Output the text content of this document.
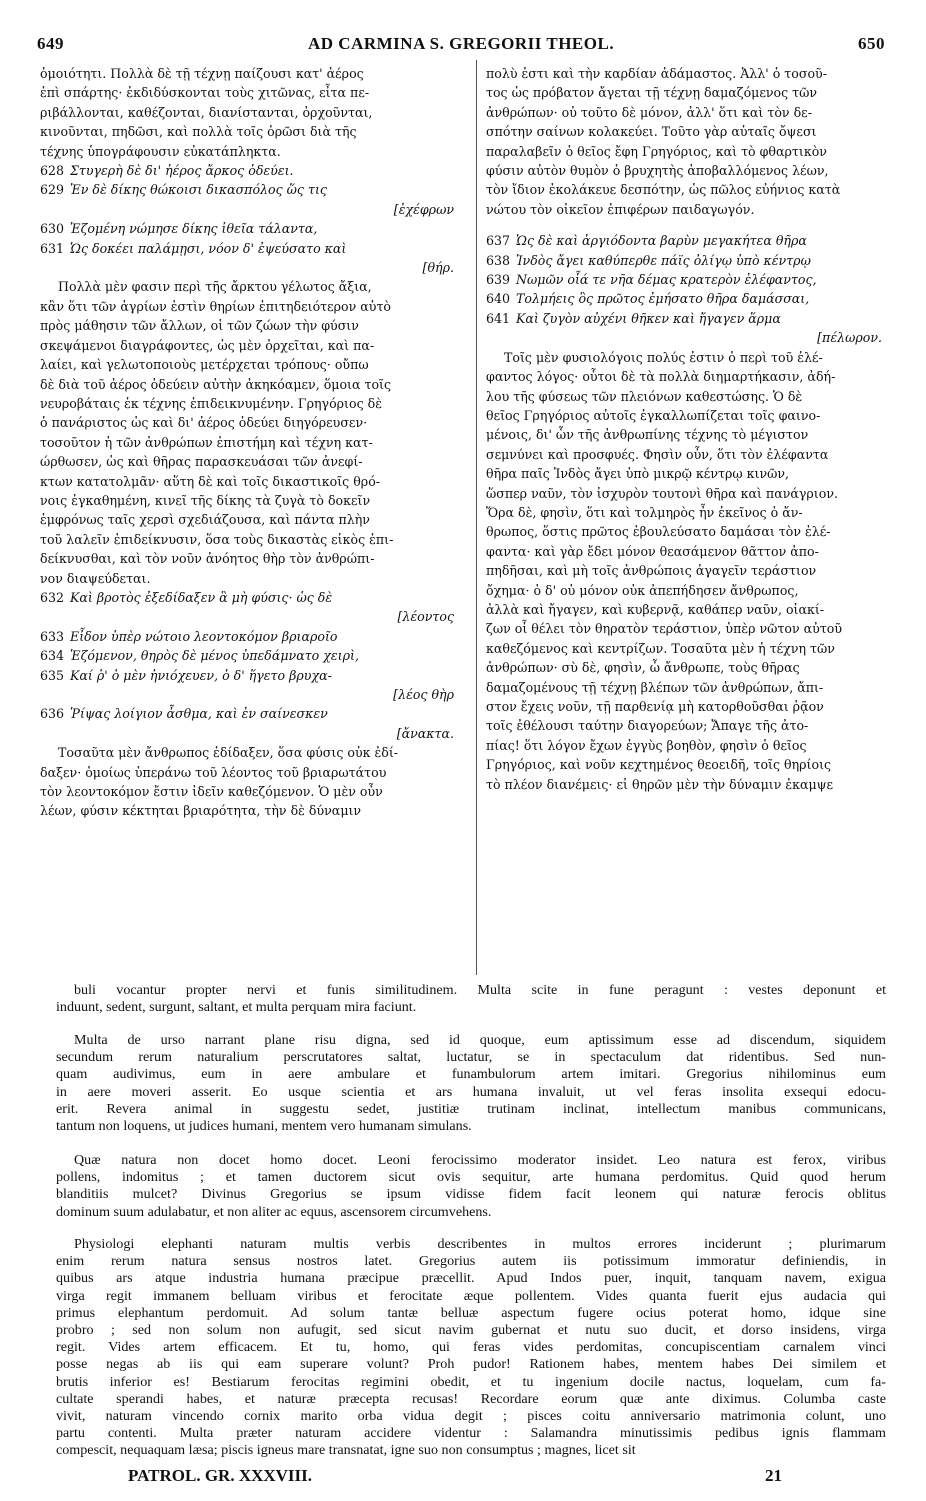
649	AD CARMINA S. GREGORII THEOL.	650
ὁμοιότητι. Πολλὰ δὲ τῇ τέχνῃ παίζουσι κατ' ἀέρος
ἐπὶ σπάρτης· ἐκδιδύσκονται τοὺς χιτῶνας, εἶτα πε-
ριβάλλονται, καθέζονται, διανίστανται, ὀρχοῦνται,
κινοῦνται, πηδῶσι, καὶ πολλὰ τοῖς ὁρῶσι διὰ τῆς
τέχνης ὑπογράφουσιν εὐκατάπληκτα.
628 Στυγερὴ δὲ δι' ἠέρος ἄρκος ὁδεύει.
629 Ἐν δὲ δίκης θώκοισι δικασπόλος ὥς τις
[ἐχέφρων
630 Ἑζομένη νώμησε δίκης ἰθεῖα τάλαντα,
631 Ὡς δοκέει παλάμῃσι, νόον δ' ἐψεύσατο καὶ
[θήρ.
Πολλὰ μὲν φασιν περὶ τῆς ἄρκτου γέλωτος ἄξια,
κἂν ὅτι τῶν ἀγρίων ἐστὶν θηρίων ἐπιτηδειότερον αὐτὸ
πρὸς μάθησιν τῶν ἄλλων, οἱ τῶν ζώων τὴν φύσιν
σκεψάμενοι διαγράφοντες, ὡς μὲν ὀρχεῖται, καὶ πα-
λαίει, καὶ γελωτοποιοὺς μετέρχεται τρόπους· οὔπω
δὲ διὰ τοῦ ἀέρος ὁδεύειν αὐτὴν ἀκηκόαμεν, ὅμοια τοῖς
νευροβάταις ἐκ τέχνης ἐπιδεικνυμένην. Γρηγόριος δὲ
ὁ πανάριστος ὡς καὶ δι' ἀέρος ὁδεύει διηγόρευσεν·
τοσοῦτον ἡ τῶν ἀνθρώπων ἐπιστήμη καὶ τέχνη κατ-
ώρθωσεν, ὡς καὶ θῆρας παρασκευάσαι τῶν ἀνεφί-
κτων κατατολμᾶν· αὕτη δὲ καὶ τοῖς δικαστικοῖς θρό-
νοις ἐγκαθημένη, κινεῖ τῆς δίκης τὰ ζυγὰ τὸ δοκεῖν
ἐμφρόνως ταῖς χερσὶ σχεδιάζουσα, καὶ πάντα πλὴν
τοῦ λαλεῖν ἐπιδείκνυσιν, ὅσα τοὺς δικαστὰς εἰκὸς ἐπι-
δείκνυσθαι, καὶ τὸν νοῦν ἀνόητος θὴρ τὸν ἀνθρώπι-
νον διαψεύδεται.
632 Καὶ βροτὸς ἐξεδίδαξεν ἃ μὴ φύσις· ὡς δὲ
[λέοντος
633 Εἶδον ὑπὲρ νώτοιο λεοντοκόμον βριαροῖο
634 Ἑζόμενον, θηρὸς δὲ μένος ὑπεδάμνατο χειρὶ,
635 Καί ῥ' ὁ μὲν ἠνιόχευεν, ὁ δ' ἥγετο βρυχα-
[λέος θὴρ
636 Ῥίψας λοίγιον ἆσθμα, καὶ ἐν σαίνεσκεν
[ἄνακτα.
Τοσαῦτα μὲν ἄνθρωπος ἐδίδαξεν, ὅσα φύσις οὐκ ἐδί-
δαξεν· ὁμοίως ὑπεράνω τοῦ λέοντος τοῦ βριαρωτάτου
τὸν λεοντοκόμον ἔστιν ἰδεῖν καθεζόμενον. Ὁ μὲν οὖν
λέων, φύσιν κέκτηται βριαρότητα, τὴν δὲ δύναμιν
πολὺ ἐστι καὶ τὴν καρδίαν ἀδάμαστος. Ἀλλ' ὁ τοσοῦ-
τος ὡς πρόβατον ἄγεται τῇ τέχνῃ δαμαζόμενος τῶν
ἀνθρώπων· οὐ τοῦτο δὲ μόνον, ἀλλ' ὅτι καὶ τὸν δε-
σπότην σαίνων κολακεύει. Τοῦτο γὰρ αὐταῖς ὄψεσι
παραλαβεῖν ὁ θεῖος ἔφη Γρηγόριος, καὶ τὸ φθαρτικὸν
φύσιν αὐτὸν θυμὸν ὁ βρυχητὴς ἀποβαλλόμενος λέων,
τὸν ἴδιον ἐκολάκευε δεσπότην, ὡς πῶλος εὐήνιος κατὰ
νώτου τὸν οἰκεῖον ἐπιφέρων παιδαγωγόν.
637 Ὡς δὲ καὶ ἀργιόδοντα βαρὺν μεγακήτεα θῆρα
638 Ἰνδὸς ἄγει καθύπερθε πάϊς ὀλίγῳ ὑπὸ κέντρῳ
639 Νωμῶν οἷά τε νῆα δέμας κρατερὸν ἐλέφαντος,
640 Τολμήεις ὃς πρῶτος ἐμήσατο θῆρα δαμάσσαι,
641 Καὶ ζυγὸν αὐχένι θῆκεν καὶ ἤγαγεν ἅρμα
[πέλωρον.
Τοῖς μὲν φυσιολόγοις πολύς ἐστιν ὁ περὶ τοῦ ἐλέ-
φαντος λόγος· οὗτοι δὲ τὰ πολλὰ διημαρτήκασιν, ἀδή-
λου τῆς φύσεως τῶν πλειόνων καθεστώσης. Ὁ δὲ
θεῖος Γρηγόριος αὐτοῖς ἐγκαλλωπίζεται τοῖς φαινο-
μένοις, δι' ὧν τῆς ἀνθρωπίνης τέχνης τὸ μέγιστον
σεμνύνει καὶ προσφυές. Φησὶν οὖν, ὅτι τὸν ἐλέφαντα
θῆρα παῖς Ἰνδὸς ἄγει ὑπὸ μικρῷ κέντρῳ κινῶν,
ὥσπερ ναῦν, τὸν ἰσχυρὸν τουτονὶ θῆρα καὶ πανάγριον.
Ὅρα δὲ, φησὶν, ὅτι καὶ τολμηρὸς ἦν ἐκεῖνος ὁ ἄν-
θρωπος, ὅστις πρῶτος ἐβουλεύσατο δαμάσαι τὸν ἐλέ-
φαντα· καὶ γὰρ ἔδει μόνον θεασάμενον θᾶττον ἀπο-
πηδῆσαι, καὶ μὴ τοῖς ἀνθρώποις ἀγαγεῖν τεράστιον
ὄχημα· ὁ δ' οὐ μόνον οὐκ ἀπεπήδησεν ἄνθρωπος,
ἀλλὰ καὶ ἤγαγεν, καὶ κυβερνᾷ, καθάπερ ναῦν, οἰακί-
ζων οἷ θέλει τὸν θηρατὸν τεράστιον, ὑπὲρ νῶτον αὐτοῦ
καθεζόμενος καὶ κεντρίζων. Τοσαῦτα μὲν ἡ τέχνη τῶν
ἀνθρώπων· σὺ δὲ, φησὶν, ὦ ἄνθρωπε, τοὺς θῆρας
δαμαζομένους τῇ τέχνῃ βλέπων τῶν ἀνθρώπων, ἄπι-
στον ἔχεις νοῦν, τῇ παρθενίᾳ μὴ κατορθοῦσθαι ῥᾷον
τοῖς ἐθέλουσι ταύτην διαγορεύων; Ἄπαγε τῆς ἀτο-
πίας! ὅτι λόγον ἔχων ἐγγὺς βοηθὸν, φησὶν ὁ θεῖος
Γρηγόριος, καὶ νοῦν κεχτημένος θεοειδῆ, τοῖς θηρίοις
τὸ πλέον διανέμεις· εἰ θηρῶν μὲν τὴν δύναμιν ἐκαμψε
buli vocantur propter nervi et funis similitudinem. Multa scite in fune peragunt : vestes deponunt et
induunt, sedent, surgunt, saltant, et multa perquam mira faciunt.
Multa de urso narrant plane risu digna, sed id quoque, eum aptissimum esse ad discendum, siquidem
secundum rerum naturalium perscrutatores saltat, luctatur, se in spectaculum dat ridentibus. Sed nun-
quam audivimus, eum in aere ambulare et funambulorum artem imitari. Gregorius nihilominus eum
in aere moveri asserit. Eo usque scientia et ars humana invaluit, ut vel feras insolita exsequi edocu-
erit. Revera animal in suggestu sedet, justitiæ trutinam inclinat, intellectum manibus communicans,
tantum non loquens, ut judices humani, mentem vero humanam simulans.
Quæ natura non docet homo docet. Leoni ferocissimo moderator insidet. Leo natura est ferox, viribus
pollens, indomitus ; et tamen ductorem sicut ovis sequitur, arte humana perdomitus. Quid quod herum
blanditiis mulcet? Divinus Gregorius se ipsum vidisse fidem facit leonem qui naturæ ferocis oblitus
dominum suum adulabatur, et non aliter ac equus, ascensorem circumvehens.
Physiologi elephanti naturam multis verbis describentes in multos errores inciderunt ; plurimarum
enim rerum natura sensus nostros latet. Gregorius autem iis potissimum immoratur definiendis, in
quibus ars atque industria humana præcipue præcellit. Apud Indos puer, inquit, tanquam navem, exigua
virga regit immanem belluam viribus et ferocitate æque pollentem. Vides quanta fuerit ejus audacia qui
primus elephantum perdomuit. Ad solum tantæ belluæ aspectum fugere ocius poterat homo, idque sine
probro ; sed non solum non aufugit, sed sicut navim gubernat et nutu suo ducit, et dorso insidens, virga
regit. Vides artem efficacem. Et tu, homo, qui feras vides perdomitas, concupiscentiam carnalem vinci
posse negas ab iis qui eam superare volunt? Proh pudor! Rationem habes, mentem habes Dei similem et
brutis inferior es! Bestiarum ferocitas regimini obedit, et tu ingenium docile nactus, loquelam, cum fa-
cultate sperandi habes, et naturæ præcepta recusas! Recordare eorum quæ ante diximus. Columba caste
vivit, naturam vincendo cornix marito orba vidua degit ; pisces coitu anniversario matrimonia colunt, uno
partu contenti. Multa præter naturam accidere videntur : Salamandra minutissimis pedibus ignis flammam
compescit, nequaquam læsa; piscis igneus mare transnatat, igne suo non consumptus ; magnes, licet sit
PATROL. GR. XXXVIII.	21
